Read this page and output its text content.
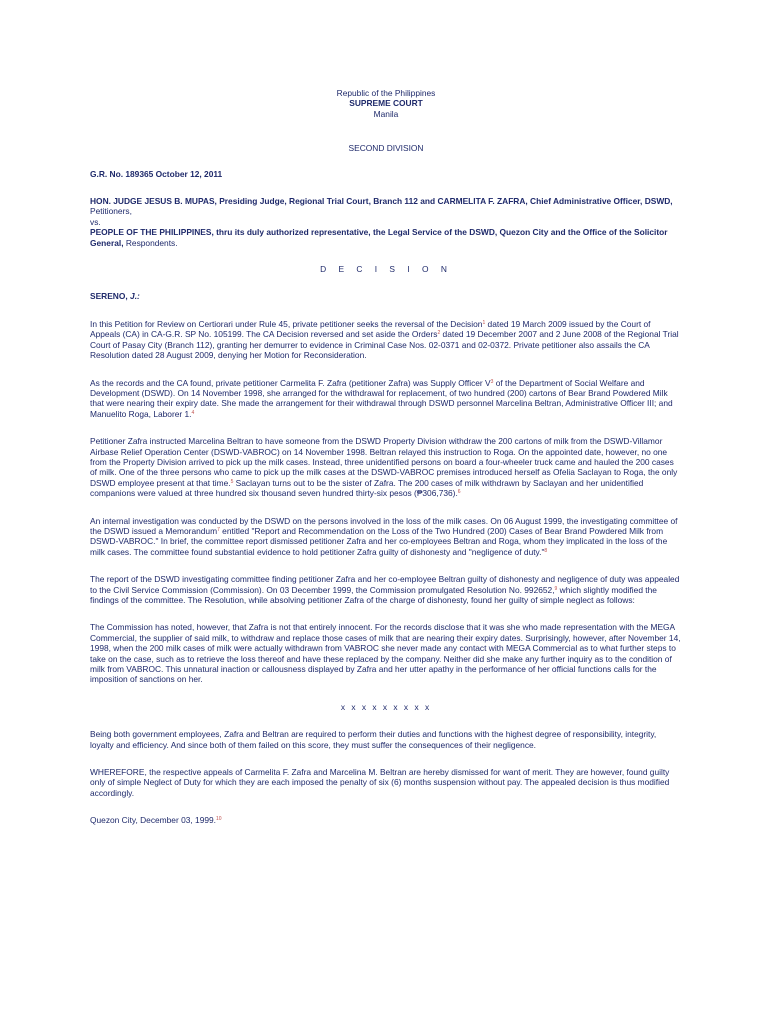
Republic of the Philippines
SUPREME COURT
Manila
SECOND DIVISION
G.R. No. 189365 October 12, 2011
HON. JUDGE JESUS B. MUPAS, Presiding Judge, Regional Trial Court, Branch 112 and CARMELITA F. ZAFRA, Chief Administrative Officer, DSWD, Petitioners,
vs.
PEOPLE OF THE PHILIPPINES, thru its duly authorized representative, the Legal Service of the DSWD, Quezon City and the Office of the Solicitor General, Respondents.
D E C I S I O N
SERENO, J.:

In this Petition for Review on Certiorari under Rule 45, private petitioner seeks the reversal of the Decision$^1$ dated 19 March 2009 issued by the Court of Appeals (CA) in CA-G.R. SP No. 105199. The CA Decision reversed and set aside the Orders$^2$ dated 19 December 2007 and 2 June 2008 of the Regional Trial Court of Pasay City (Branch 112), granting her demurrer to evidence in Criminal Case Nos. 02-0371 and 02-0372. Private petitioner also assails the CA Resolution dated 28 August 2009, denying her Motion for Reconsideration.

As the records and the CA found, private petitioner Carmelita F. Zafra (petitioner Zafra) was Supply Officer $V^3$ of the Department of Social Welfare and Development (DSWD). On 14 November 1998, she arranged for the withdrawal for replacement, of two hundred (200) cartons of Bear Brand Powdered Milk that were nearing their expiry date. She made the arrangement for their withdrawal through DSWD personnel Marcelina Beltran, Administrative Officer III; and Manuelito Roga, Laborer 1.$^4$

Petitioner Zafra instructed Marcelina Beltran to have someone from the DSWD Property Division withdraw the 200 cartons of milk from the DSWD-Villamor Airbase Relief Operation Center (DSWD-VABROC) on 14 November 1998. Beltran relayed this instruction to Roga. On the appointed date, however, no one from the Property Division arrived to pick up the milk cases. Instead, three unidentified persons on board a four-wheeler truck came and hauled the 200 cases of milk. One of the three persons who came to pick up the milk cases at the DSWD-VABROC premises introduced herself as Ofelia Saclayan to Roga, the only DSWD employee present at that time.$^5$ Saclayan turns out to be the sister of Zafra. The 200 cases of milk withdrawn by Saclayan and her unidentified companions were valued at three hundred six thousand seven hundred thirty-six pesos (₱306,736).$^6$

An internal investigation was conducted by the DSWD on the persons involved in the loss of the milk cases. On 06 August 1999, the investigating committee of the DSWD issued a Memorandum$^7$ entitled "Report and Recommendation on the Loss of the Two Hundred (200) Cases of Bear Brand Powdered Milk from DSWD-VABROC." In brief, the committee report dismissed petitioner Zafra and her co-employees Beltran and Roga, whom they implicated in the loss of the milk cases. The committee found substantial evidence to hold petitioner Zafra guilty of dishonesty and "negligence of duty."$^8$

The report of the DSWD investigating committee finding petitioner Zafra and her co-employee Beltran guilty of dishonesty and negligence of duty was appealed to the Civil Service Commission (Commission). On 03 December 1999, the Commission promulgated Resolution No. 992652,$^9$ which slightly modified the findings of the committee. The Resolution, while absolving petitioner Zafra of the charge of dishonesty, found her guilty of simple neglect as follows:

The Commission has noted, however, that Zafra is not that entirely innocent. For the records disclose that it was she who made representation with the MEGA Commercial, the supplier of said milk, to withdraw and replace those cases of milk that are nearing their expiry dates. Surprisingly, however, after November 14, 1998, when the 200 milk cases of milk were actually withdrawn from VABROC she never made any contact with MEGA Commercial as to what further steps to take on the case, such as to retrieve the loss thereof and have these replaced by the company. Neither did she make any further inquiry as to the condition of milk from VABROC. This unnatural inaction or callousness displayed by Zafra and her utter apathy in the performance of her official functions calls for the imposition of sanctions on her.

x x x x x x x x x

Being both government employees, Zafra and Beltran are required to perform their duties and functions with the highest degree of responsibility, integrity, loyalty and efficiency. And since both of them failed on this score, they must suffer the consequences of their negligence.

WHEREFORE, the respective appeals of Carmelita F. Zafra and Marcelina M. Beltran are hereby dismissed for want of merit. They are however, found guilty only of simple Neglect of Duty for which they are each imposed the penalty of six (6) months suspension without pay. The appealed decision is thus modified accordingly.

Quezon City, December 03, 1999.10
